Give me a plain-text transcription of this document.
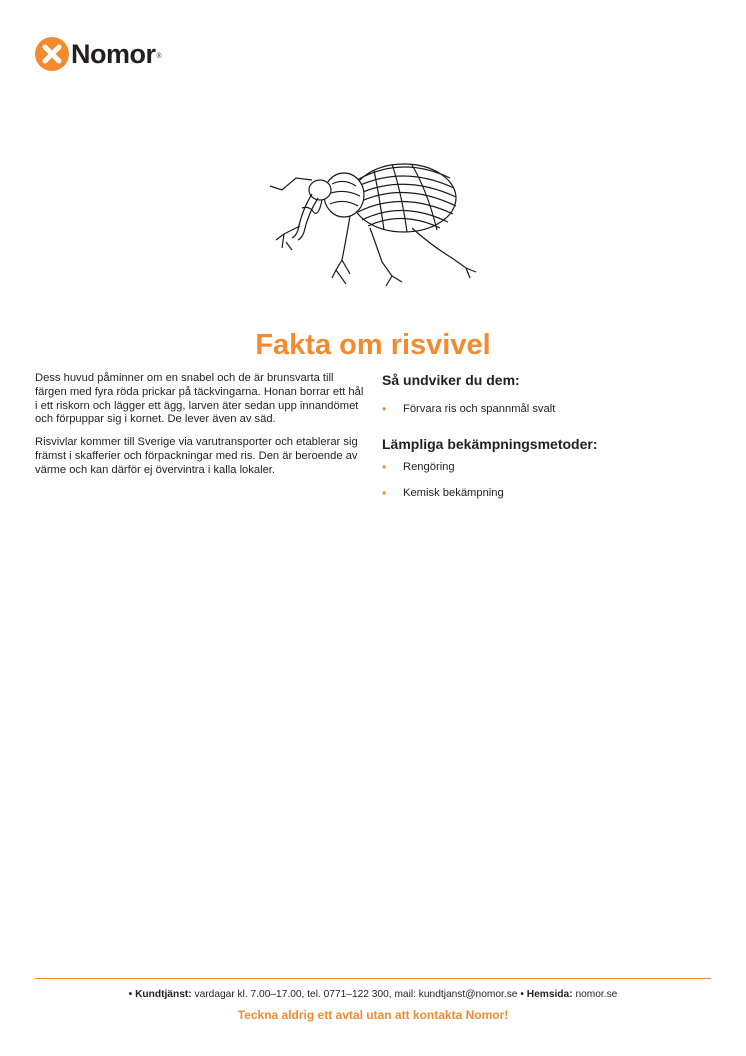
Nomor ®
Fakta om risvivel

Dess huvud påminner om en snabel och de är brunsvarta till färgen med fyra röda prickar på täckvingarna. Honan borrar ett hål i ett riskorn och lägger ett ägg, larven äter sedan upp innandömet och förpuppar sig i kornet. De lever även av säd.

Risvivlar kommer till Sverige via varutransporter och etablerar sig främst i skafferier och förpackningar med ris. Den är beroende av värme och kan därför ej övervintra i kalla lokaler.

Så undviker du dem:
• Förvara ris och spannmål svalt
Lämpliga bekämpningsmetoder:
• Rengöring
• Kemisk bekämpning
• Kundtjänst: vardagar kl. 7.00–17.00, tel. 0771–122 300, mail: kundtjanst@nomor.se • Hemsida: nomor.se
Teckna aldrig ett avtal utan att kontakta Nomor!
